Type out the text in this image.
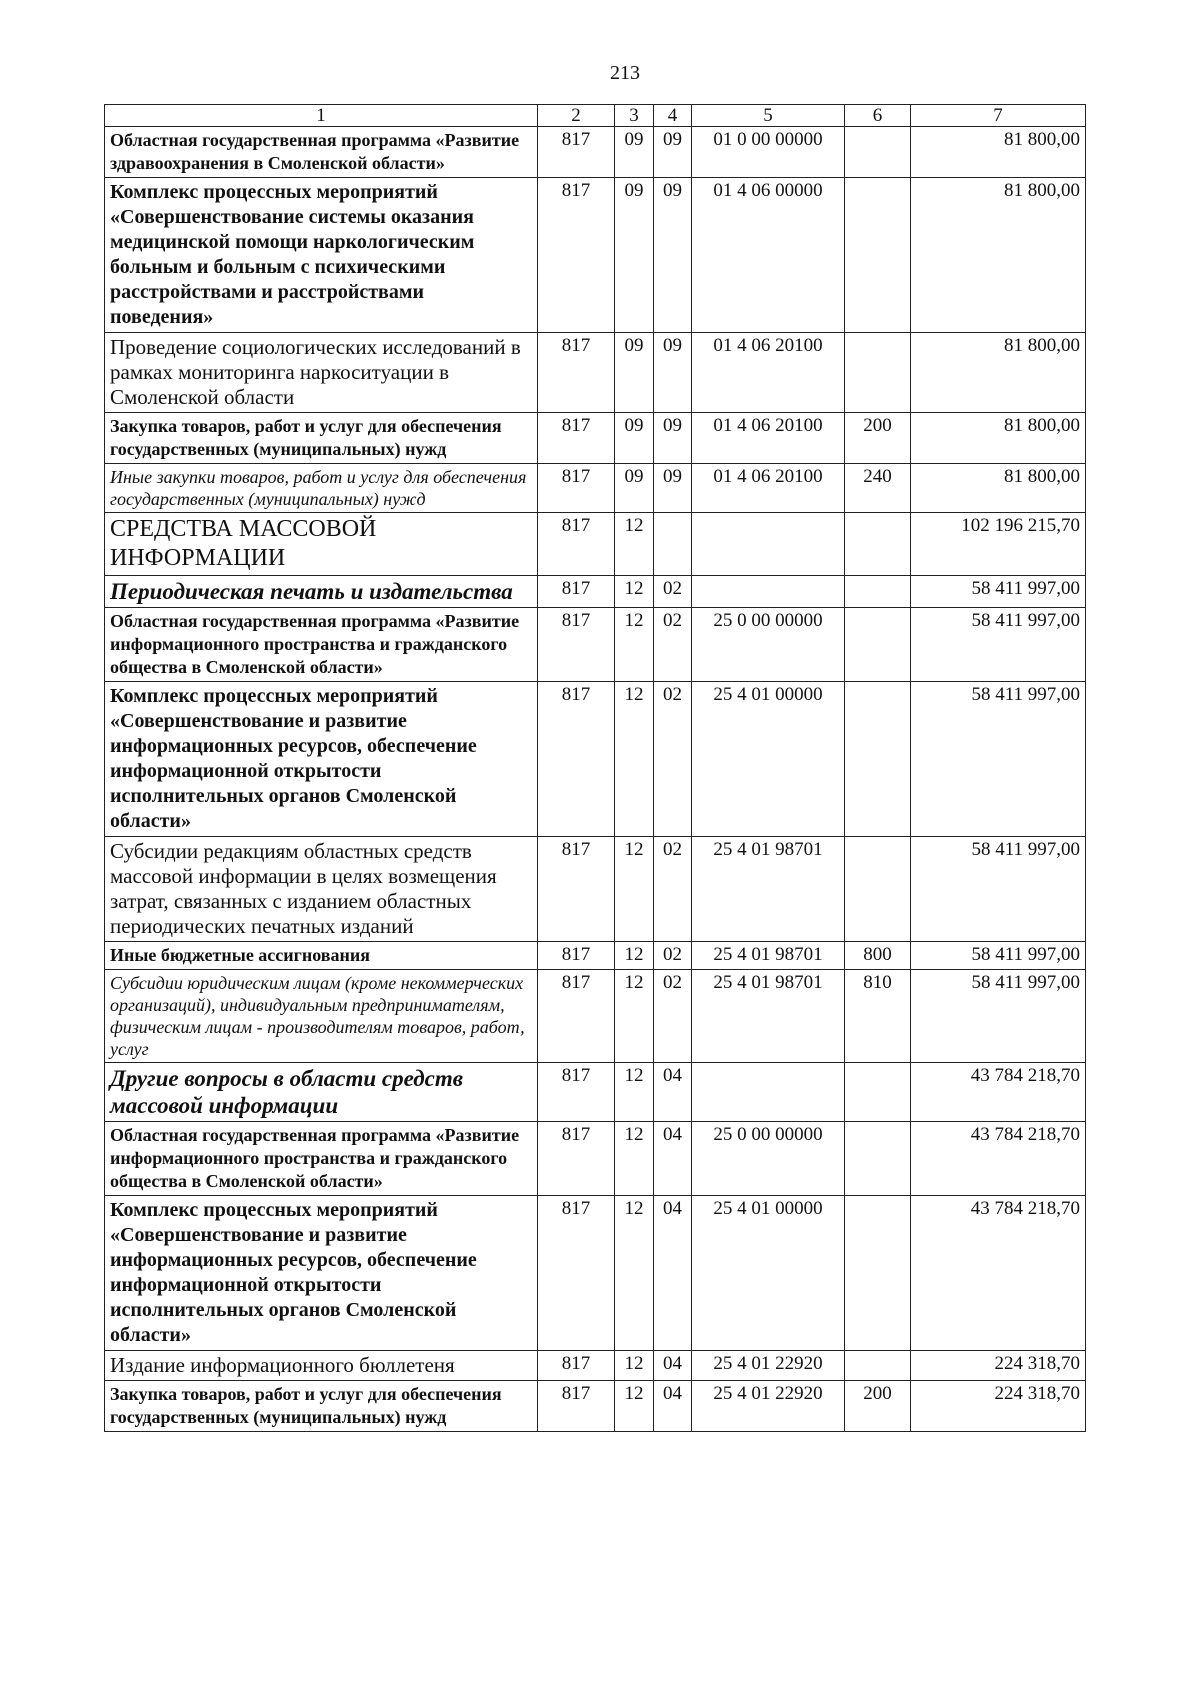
213
1	2	3	4	5	6	7
Областная государственная программа «Развитие здравоохранения в Смоленской области»	817	09	09	01 0 00 00000		81 800,00
Комплекс процессных мероприятий «Совершенствование системы оказания медицинской помощи наркологическим больным и больным с психическими расстройствами и расстройствами поведения»	817	09	09	01 4 06 00000		81 800,00
Проведение социологических исследований в рамках мониторинга наркоситуации в Смоленской области	817	09	09	01 4 06 20100		81 800,00
Закупка товаров, работ и услуг для обеспечения государственных (муниципальных) нужд	817	09	09	01 4 06 20100	200	81 800,00
Иные закупки товаров, работ и услуг для обеспечения государственных (муниципальных) нужд	817	09	09	01 4 06 20100	240	81 800,00
СРЕДСТВА МАССОВОЙ ИНФОРМАЦИИ	817	12				102 196 215,70
Периодическая печать и издательства	817	12	02			58 411 997,00
Областная государственная программа «Развитие информационного пространства и гражданского общества в Смоленской области»	817	12	02	25 0 00 00000		58 411 997,00
Комплекс процессных мероприятий «Совершенствование и развитие информационных ресурсов, обеспечение информационной открытости исполнительных органов Смоленской области»	817	12	02	25 4 01 00000		58 411 997,00
Субсидии редакциям областных средств массовой информации в целях возмещения затрат, связанных с изданием областных периодических печатных изданий	817	12	02	25 4 01 98701		58 411 997,00
Иные бюджетные ассигнования	817	12	02	25 4 01 98701	800	58 411 997,00
Субсидии юридическим лицам (кроме некоммерческих организаций), индивидуальным предпринимателям, физическим лицам - производителям товаров, работ, услуг	817	12	02	25 4 01 98701	810	58 411 997,00
Другие вопросы в области средств массовой информации	817	12	04			43 784 218,70
Областная государственная программа «Развитие информационного пространства и гражданского общества в Смоленской области»	817	12	04	25 0 00 00000		43 784 218,70
Комплекс процессных мероприятий «Совершенствование и развитие информационных ресурсов, обеспечение информационной открытости исполнительных органов Смоленской области»	817	12	04	25 4 01 00000		43 784 218,70
Издание информационного бюллетеня	817	12	04	25 4 01 22920		224 318,70
Закупка товаров, работ и услуг для обеспечения государственных (муниципальных) нужд	817	12	04	25 4 01 22920	200	224 318,70
